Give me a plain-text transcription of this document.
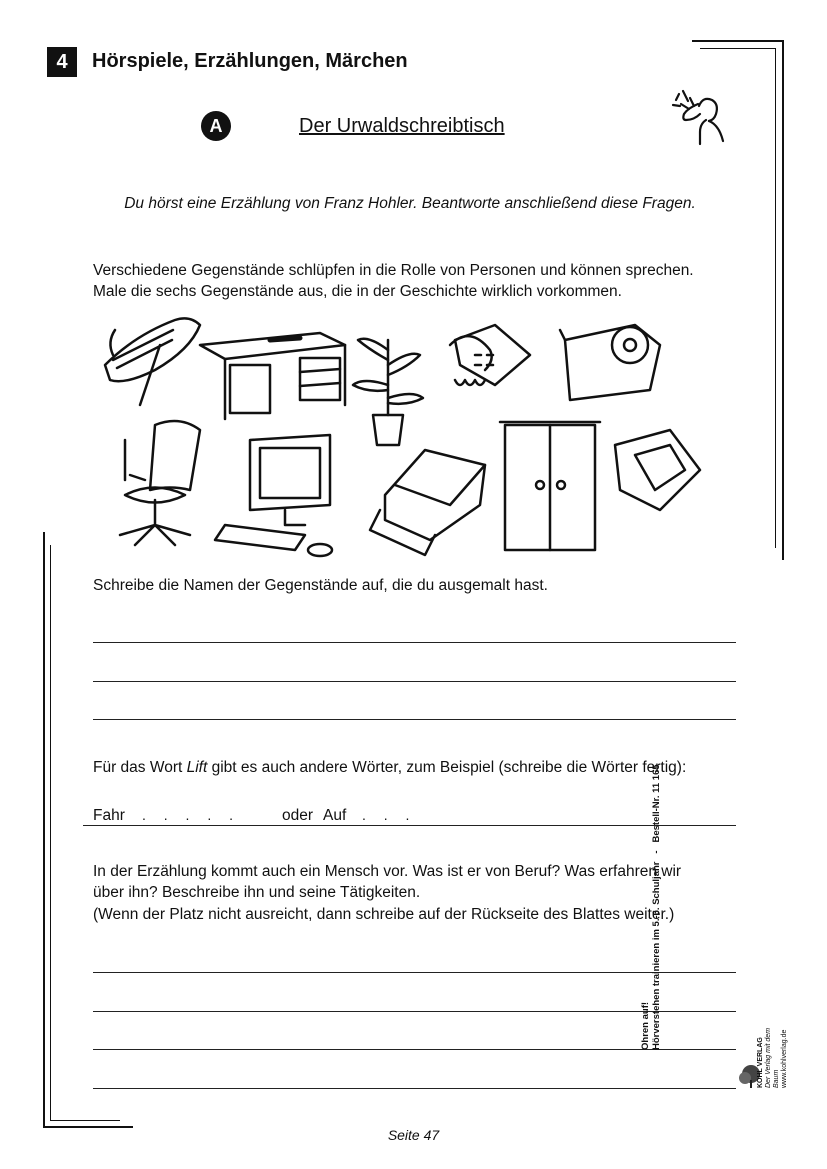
4	Hörspiele, Erzählungen, Märchen
A	Der Urwaldschreibtisch
Du hörst eine Erzählung von Franz Hohler. Beantworte anschließend diese Fragen.
Verschiedene Gegenstände schlüpfen in die Rolle von Personen und können sprechen.
Male die sechs Gegenstände aus, die in der Geschichte wirklich vorkommen.
Schreibe die Namen der Gegenstände auf, die du ausgemalt hast.
Für das Wort Lift gibt es auch andere Wörter, zum Beispiel (schreibe die Wörter fertig):
Fahr . . . . .	oder Auf . . .
In der Erzählung kommt auch ein Mensch vor. Was ist er von Beruf? Was erfahren wir
über ihn? Beschreibe ihn und seine Tätigkeiten.
(Wenn der Platz nicht ausreicht, dann schreibe auf der Rückseite des Blattes weiter.)
Ohren auf! Hörverstehen trainieren im 5.-6. Schuljahr   -   Bestell-Nr. 11 165
KOHL VERLAG Der Verlag mit dem Baum www.kohlverlag.de
Seite 47
